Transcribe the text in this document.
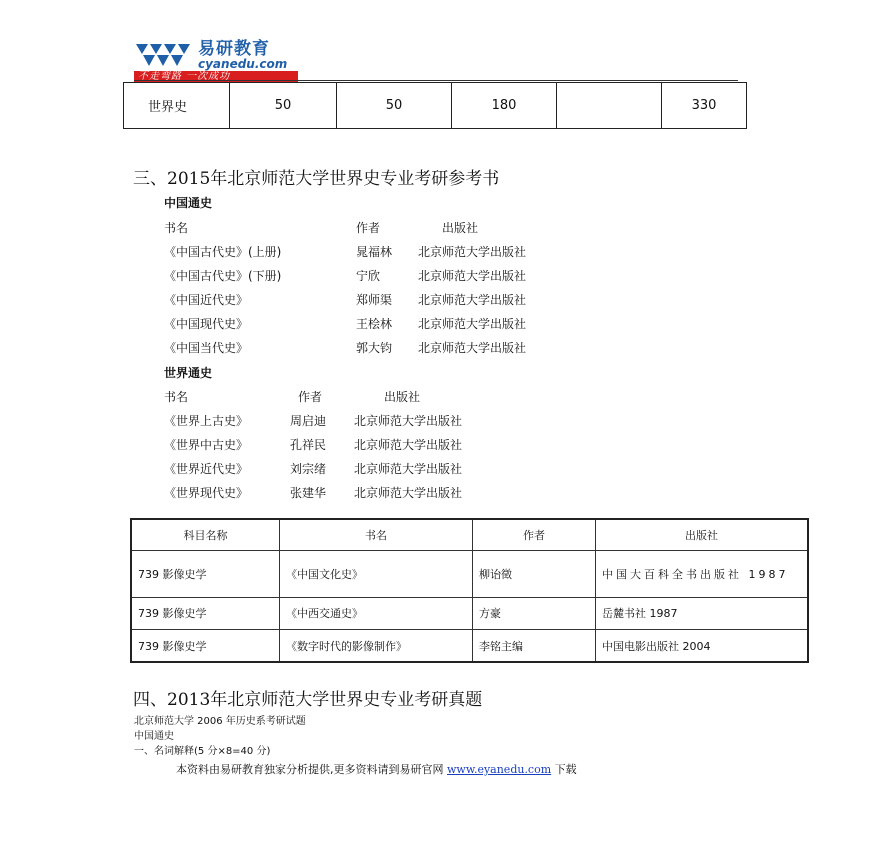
易研教育
cyanedu.com
不走弯路 一次成功
世界史	50	50	180		330
三、2015年北京师范大学世界史专业考研参考书
中国通史
书名	作者	出版社
《中国古代史》(上册)	晁福林 北京师范大学出版社
《中国古代史》(下册)	宁欣	北京师范大学出版社
《中国近代史》	郑师渠 北京师范大学出版社
《中国现代史》	王桧林 北京师范大学出版社
《中国当代史》	郭大钧 北京师范大学出版社
世界通史
书名	作者	出版社
《世界上古史》	周启迪 北京师范大学出版社
《世界中古史》	孔祥民 北京师范大学出版社
《世界近代史》	刘宗绪 北京师范大学出版社
《世界现代史》	张建华 北京师范大学出版社
科目名称	书名	作者	出版社
739 影像史学	《中国文化史》	柳诒徵	中国大百科全书出版社 1987
739 影像史学	《中西交通史》	方豪	岳麓书社 1987
739 影像史学	《数字时代的影像制作》	李铭主编	中国电影出版社 2004
四、2013年北京师范大学世界史专业考研真题
北京师范大学 2006 年历史系考研试题
中国通史
一、名词解释(5 分×8=40 分)
本资料由易研教育独家分析提供,更多资料请到易研官网 www.eyanedu.com 下载
